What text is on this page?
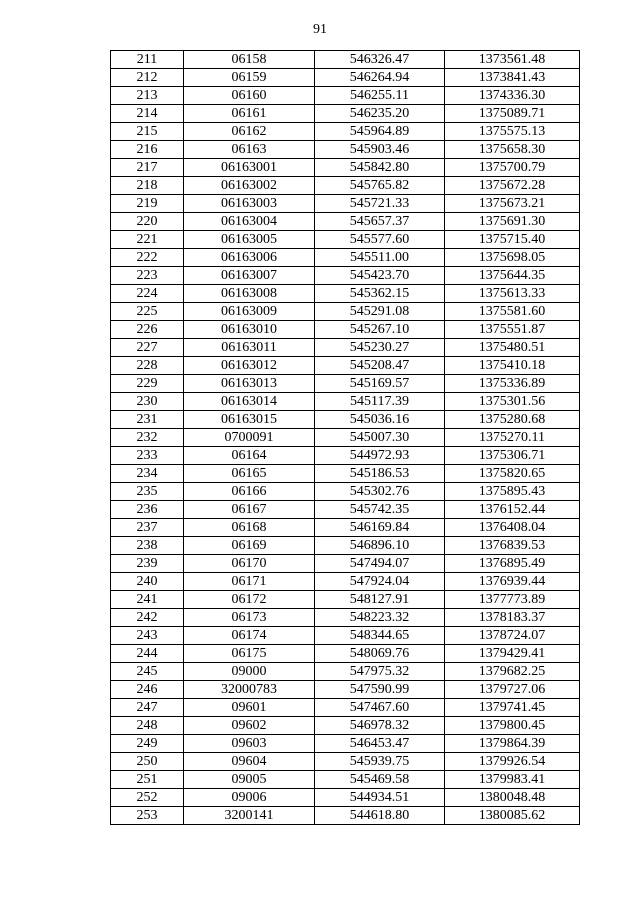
91
211	06158	546326.47	1373561.48
212	06159	546264.94	1373841.43
213	06160	546255.11	1374336.30
214	06161	546235.20	1375089.71
215	06162	545964.89	1375575.13
216	06163	545903.46	1375658.30
217	06163001	545842.80	1375700.79
218	06163002	545765.82	1375672.28
219	06163003	545721.33	1375673.21
220	06163004	545657.37	1375691.30
221	06163005	545577.60	1375715.40
222	06163006	545511.00	1375698.05
223	06163007	545423.70	1375644.35
224	06163008	545362.15	1375613.33
225	06163009	545291.08	1375581.60
226	06163010	545267.10	1375551.87
227	06163011	545230.27	1375480.51
228	06163012	545208.47	1375410.18
229	06163013	545169.57	1375336.89
230	06163014	545117.39	1375301.56
231	06163015	545036.16	1375280.68
232	0700091	545007.30	1375270.11
233	06164	544972.93	1375306.71
234	06165	545186.53	1375820.65
235	06166	545302.76	1375895.43
236	06167	545742.35	1376152.44
237	06168	546169.84	1376408.04
238	06169	546896.10	1376839.53
239	06170	547494.07	1376895.49
240	06171	547924.04	1376939.44
241	06172	548127.91	1377773.89
242	06173	548223.32	1378183.37
243	06174	548344.65	1378724.07
244	06175	548069.76	1379429.41
245	09000	547975.32	1379682.25
246	32000783	547590.99	1379727.06
247	09601	547467.60	1379741.45
248	09602	546978.32	1379800.45
249	09603	546453.47	1379864.39
250	09604	545939.75	1379926.54
251	09005	545469.58	1379983.41
252	09006	544934.51	1380048.48
253	3200141	544618.80	1380085.62
